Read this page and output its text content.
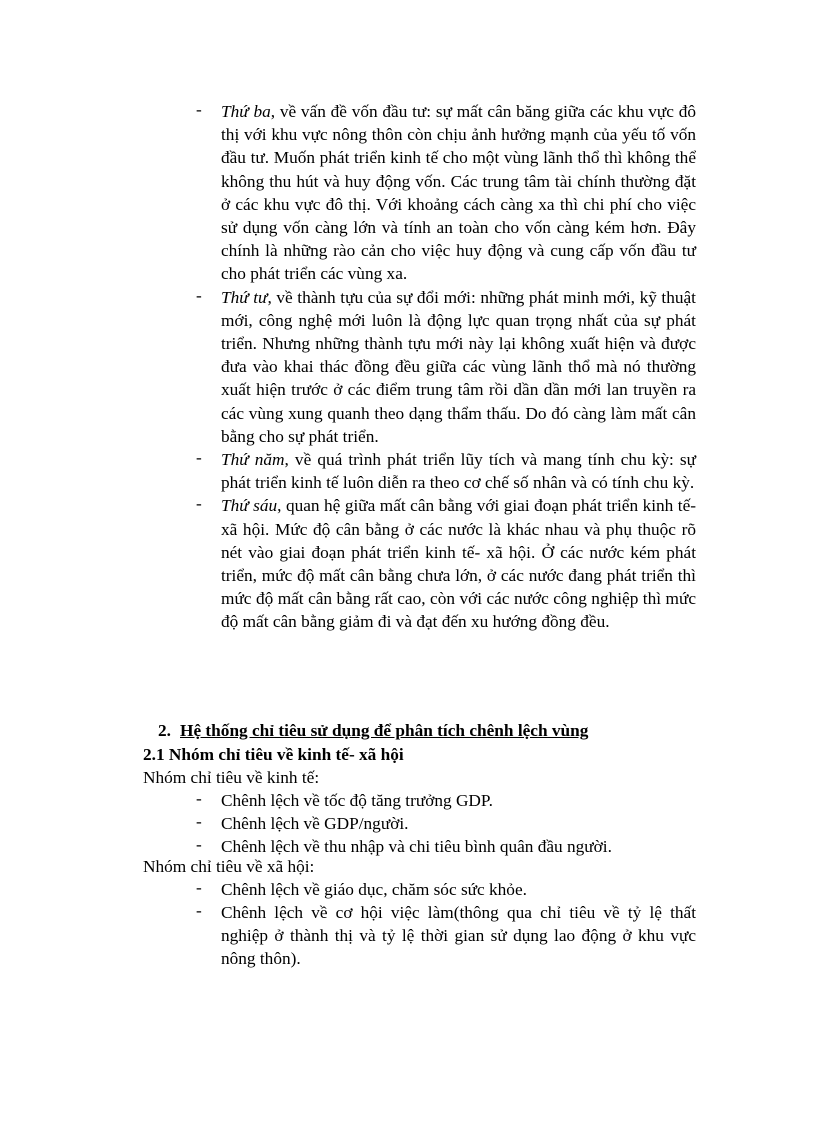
- Thứ ba, về vấn đề vốn đầu tư: sự mất cân băng giữa các khu vực đô thị với khu vực nông thôn còn chịu ảnh hưởng mạnh của yếu tố vốn đầu tư. Muốn phát triển kinh tế cho một vùng lãnh thổ thì không thể không thu hút và huy động vốn. Các trung tâm tài chính thường đặt ở các khu vực đô thị. Với khoảng cách càng xa thì chi phí cho việc sử dụng vốn càng lớn và tính an toàn cho vốn càng kém hơn. Đây chính là những rào cản cho việc huy động và cung cấp vốn đầu tư cho phát triển các vùng xa.
- Thứ tư, về thành tựu của sự đổi mới: những phát minh mới, kỹ thuật mới, công nghệ mới luôn là động lực quan trọng nhất của sự phát triển. Nhưng những thành tựu mới này lại không xuất hiện và được đưa vào khai thác đồng đều giữa các vùng lãnh thổ mà nó thường xuất hiện trước ở các điểm trung tâm rồi dần dần mới lan truyền ra các vùng xung quanh theo dạng thẩm thấu. Do đó càng làm mất cân bằng cho sự phát triển.
- Thứ năm, về quá trình phát triển lũy tích và mang tính chu kỳ: sự phát triển kinh tế luôn diễn ra theo cơ chế số nhân và có tính chu kỳ.
- Thứ sáu, quan hệ giữa mất cân bằng với giai đoạn phát triển kinh tế- xã hội. Mức độ cân bằng ở các nước là khác nhau và phụ thuộc rõ nét vào giai đoạn phát triển kinh tế- xã hội. Ở các nước kém phát triển, mức độ mất cân bằng chưa lớn, ở các nước đang phát triển thì mức độ mất cân bằng rất cao, còn với các nước công nghiệp thì mức độ mất cân bằng giảm đi và đạt đến xu hướng đồng đều.
2. Hệ thống chỉ tiêu sử dụng để phân tích chênh lệch vùng
2.1 Nhóm chỉ tiêu về kinh tế- xã hội
Nhóm chỉ tiêu về kinh tế:
- Chênh lệch về tốc độ tăng trưởng GDP.
- Chênh lệch về GDP/người.
- Chênh lệch về thu nhập và chi tiêu bình quân đầu người.
Nhóm chỉ tiêu về xã hội:
- Chênh lệch về giáo dục, chăm sóc sức khỏe.
- Chênh lệch về cơ hội việc làm(thông qua chỉ tiêu về tỷ lệ thất nghiệp ở thành thị và tỷ lệ thời gian sử dụng lao động ở khu vực nông thôn).
